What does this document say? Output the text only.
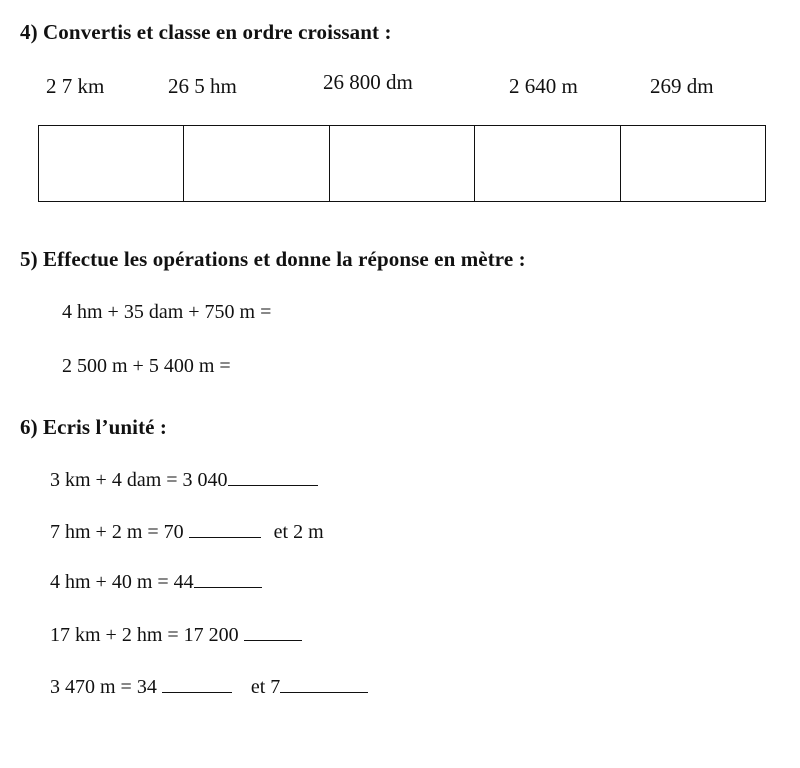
4) Convertis et classe en ordre croissant :
2 7 km	26 5 hm	26 800 dm	2 640 m	269 dm
5) Effectue les opérations et donne la réponse en mètre :
4 hm + 35 dam + 750 m =
2 500 m + 5 400 m =
6) Ecris l’unité :
3 km + 4 dam = 3 040
7 hm + 2 m = 70	et 2 m
4 hm + 40 m = 44
17 km + 2 hm = 17 200
3 470 m = 34	et 7
